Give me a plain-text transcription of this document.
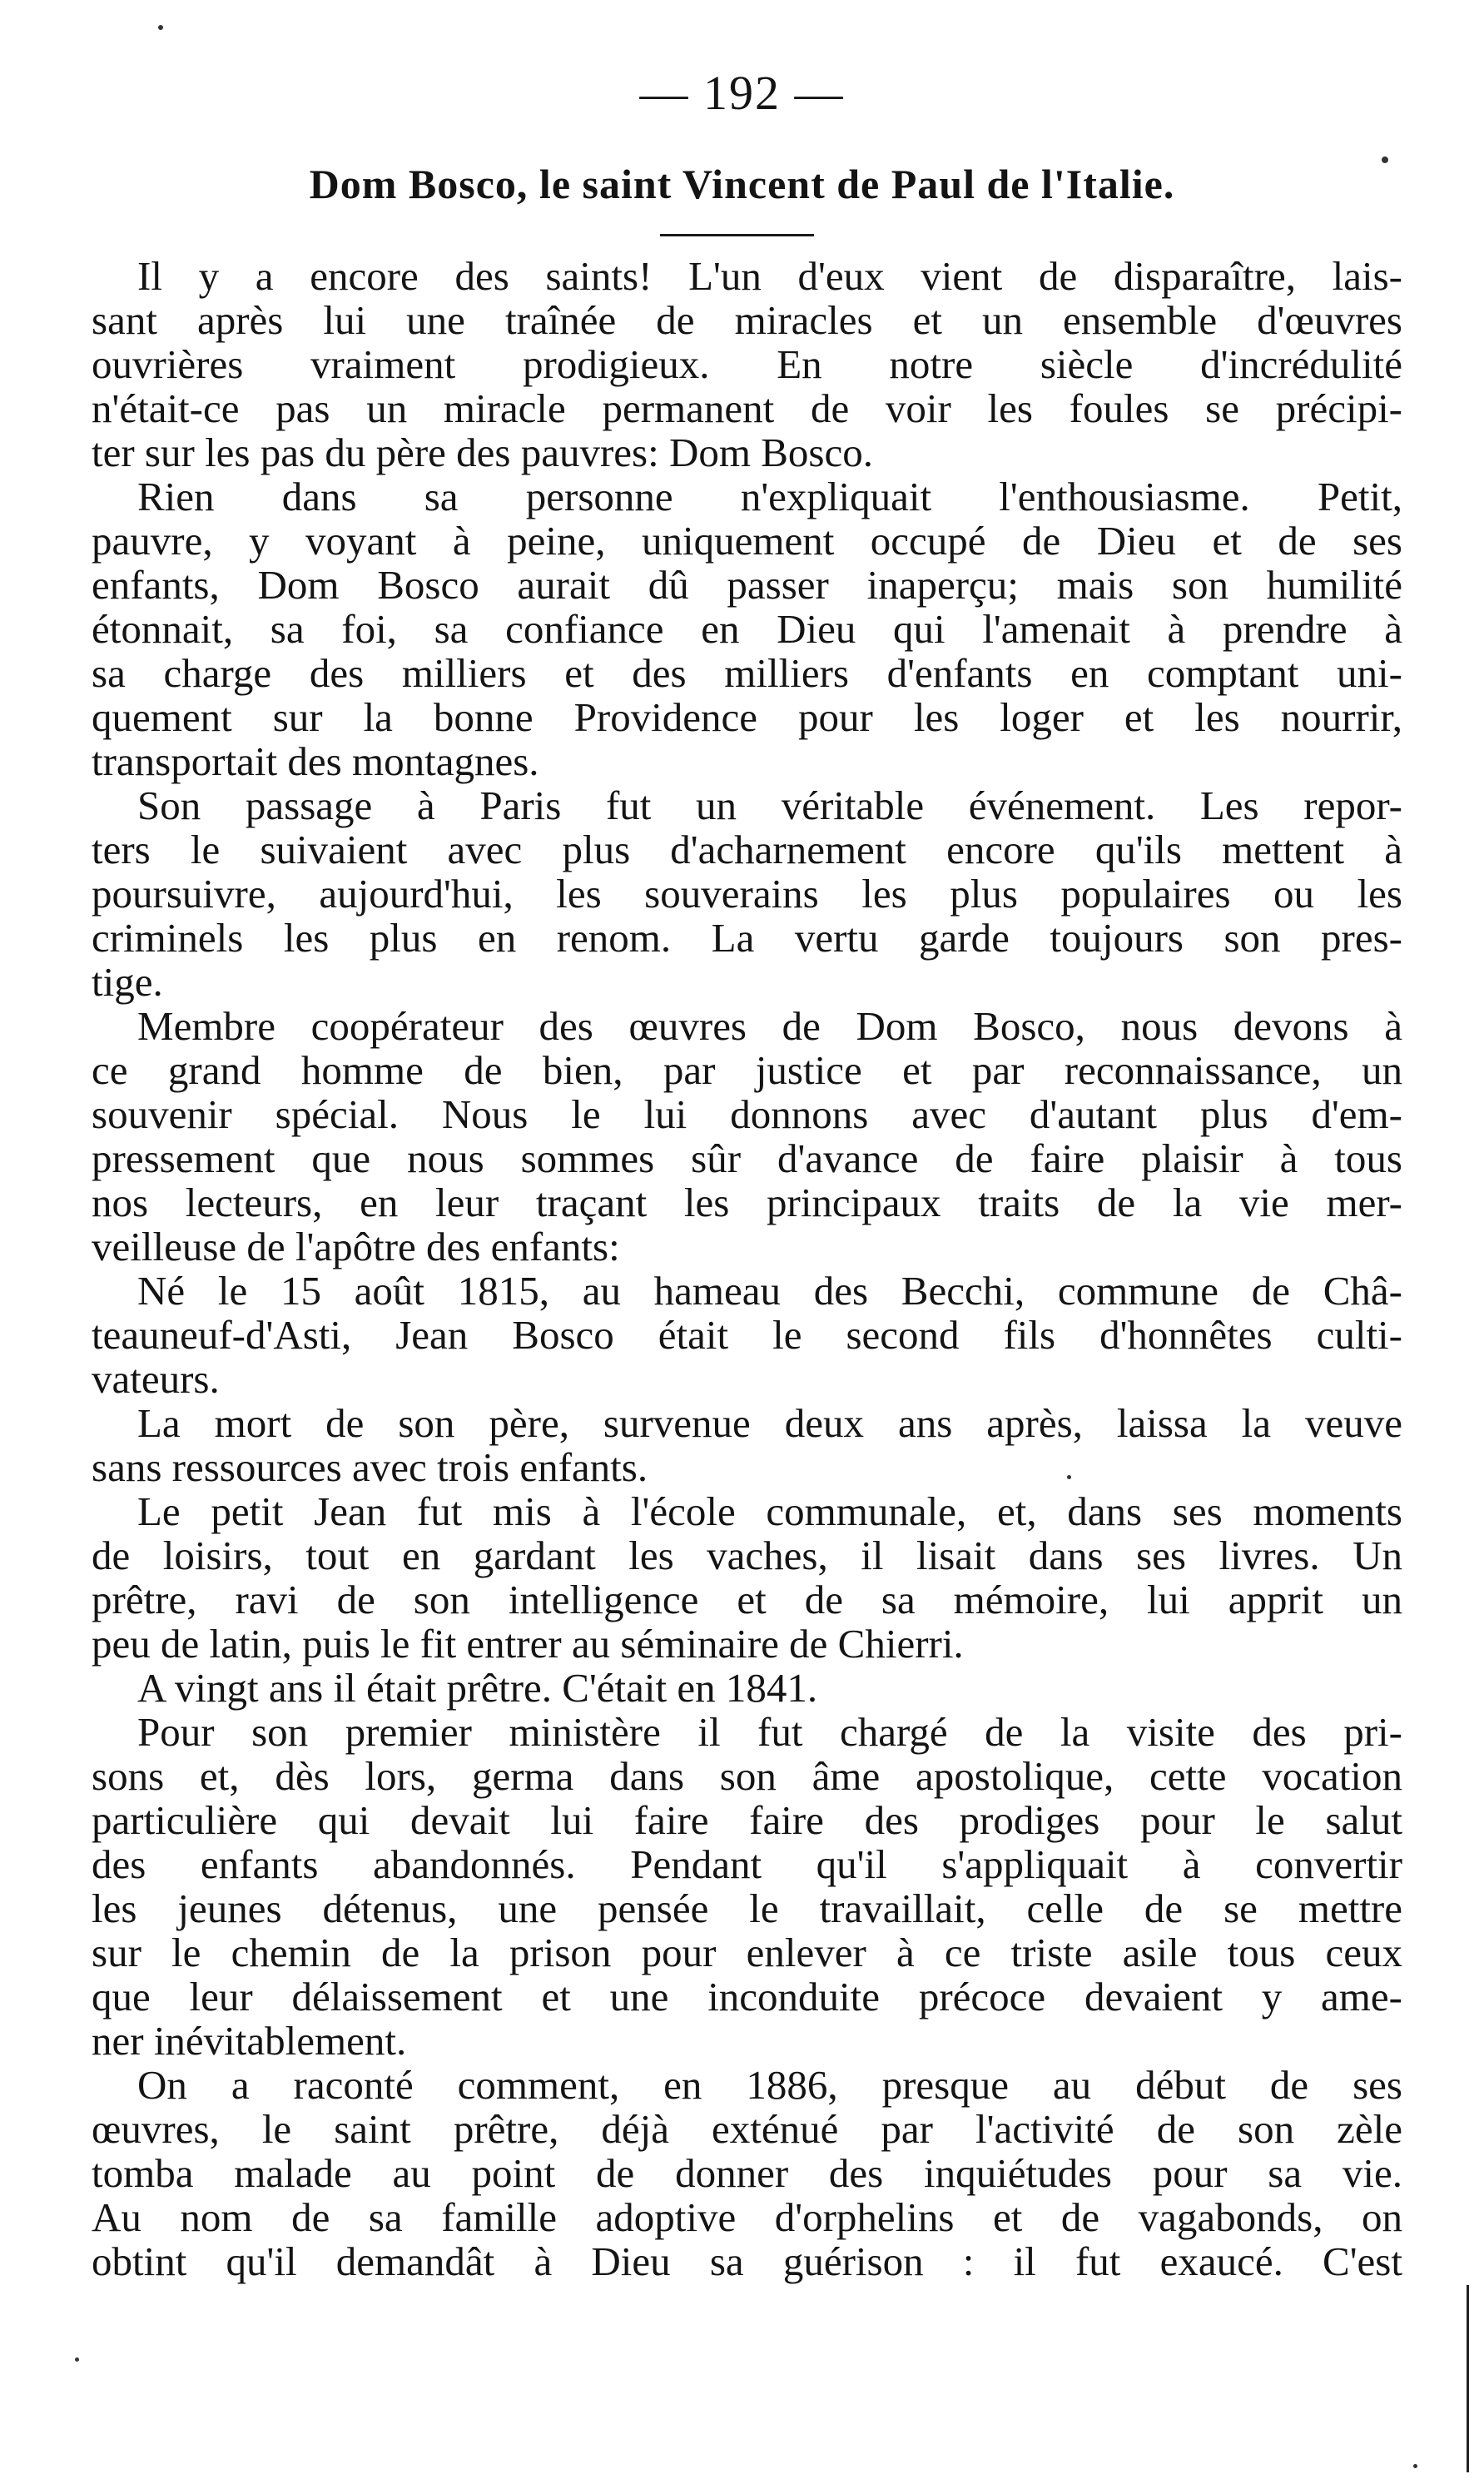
— 192 —
Dom Bosco, le saint Vincent de Paul de l'Italie.
Il y a encore des saints! L'un d'eux vient de disparaître, lais-
sant après lui une traînée de miracles et un ensemble d'œuvres
ouvrières vraiment prodigieux. En notre siècle d'incrédulité
n'était-ce pas un miracle permanent de voir les foules se précipi-
ter sur les pas du père des pauvres: Dom Bosco.
Rien dans sa personne n'expliquait l'enthousiasme. Petit,
pauvre, y voyant à peine, uniquement occupé de Dieu et de ses
enfants, Dom Bosco aurait dû passer inaperçu; mais son humilité
étonnait, sa foi, sa confiance en Dieu qui l'amenait à prendre à
sa charge des milliers et des milliers d'enfants en comptant uni-
quement sur la bonne Providence pour les loger et les nourrir,
transportait des montagnes.
Son passage à Paris fut un véritable événement. Les repor-
ters le suivaient avec plus d'acharnement encore qu'ils mettent à
poursuivre, aujourd'hui, les souverains les plus populaires ou les
criminels les plus en renom. La vertu garde toujours son pres-
tige.
Membre coopérateur des œuvres de Dom Bosco, nous devons à
ce grand homme de bien, par justice et par reconnaissance, un
souvenir spécial. Nous le lui donnons avec d'autant plus d'em-
pressement que nous sommes sûr d'avance de faire plaisir à tous
nos lecteurs, en leur traçant les principaux traits de la vie mer-
veilleuse de l'apôtre des enfants:
Né le 15 août 1815, au hameau des Becchi, commune de Châ-
teauneuf-d'Asti, Jean Bosco était le second fils d'honnêtes culti-
vateurs.
La mort de son père, survenue deux ans après, laissa la veuve
sans ressources avec trois enfants.
Le petit Jean fut mis à l'école communale, et, dans ses moments
de loisirs, tout en gardant les vaches, il lisait dans ses livres. Un
prêtre, ravi de son intelligence et de sa mémoire, lui apprit un
peu de latin, puis le fit entrer au séminaire de Chierri.
A vingt ans il était prêtre. C'était en 1841.
Pour son premier ministère il fut chargé de la visite des pri-
sons et, dès lors, germa dans son âme apostolique, cette vocation
particulière qui devait lui faire faire des prodiges pour le salut
des enfants abandonnés. Pendant qu'il s'appliquait à convertir
les jeunes détenus, une pensée le travaillait, celle de se mettre
sur le chemin de la prison pour enlever à ce triste asile tous ceux
que leur délaissement et une inconduite précoce devaient y ame-
ner inévitablement.
On a raconté comment, en 1886, presque au début de ses
œuvres, le saint prêtre, déjà exténué par l'activité de son zèle
tomba malade au point de donner des inquiétudes pour sa vie.
Au nom de sa famille adoptive d'orphelins et de vagabonds, on
obtint qu'il demandât à Dieu sa guérison : il fut exaucé. C'est
